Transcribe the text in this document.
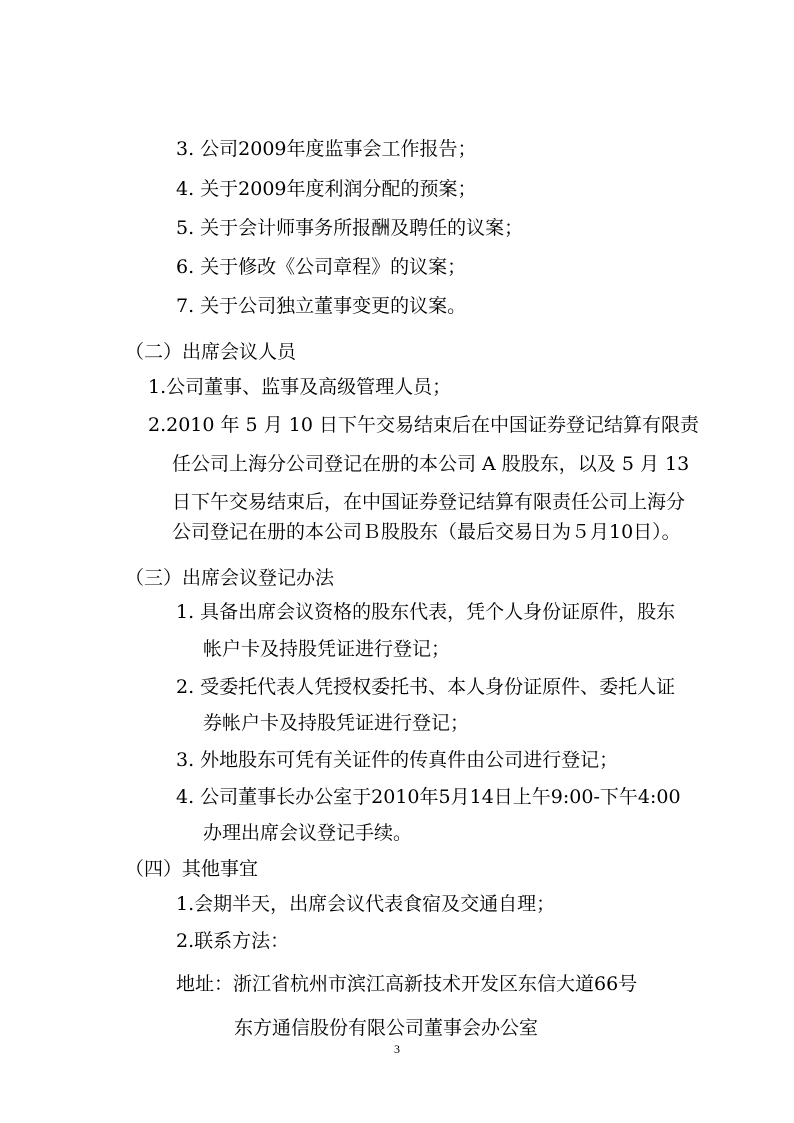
3. 公司2009年度监事会工作报告；
4. 关于2009年度利润分配的预案；
5. 关于会计师事务所报酬及聘任的议案；
6. 关于修改《公司章程》的议案；
7. 关于公司独立董事变更的议案。
（二）出席会议人员
1.公司董事、监事及高级管理人员；
2.2010 年 5 月 10 日下午交易结束后在中国证券登记结算有限责
任公司上海分公司登记在册的本公司 A 股股东，以及 5 月 13
日下午交易结束后，在中国证券登记结算有限责任公司上海分
公司登记在册的本公司Ｂ股股东（最后交易日为５月10日）。
（三）出席会议登记办法
1. 具备出席会议资格的股东代表，凭个人身份证原件，股东
帐户卡及持股凭证进行登记；
2. 受委托代表人凭授权委托书、本人身份证原件、委托人证
券帐户卡及持股凭证进行登记；
3. 外地股东可凭有关证件的传真件由公司进行登记；
4. 公司董事长办公室于2010年5月14日上午9:00-下午4:00
办理出席会议登记手续。
（四）其他事宜
1.会期半天，出席会议代表食宿及交通自理；
2.联系方法：
地址：浙江省杭州市滨江高新技术开发区东信大道66号
东方通信股份有限公司董事会办公室
3
